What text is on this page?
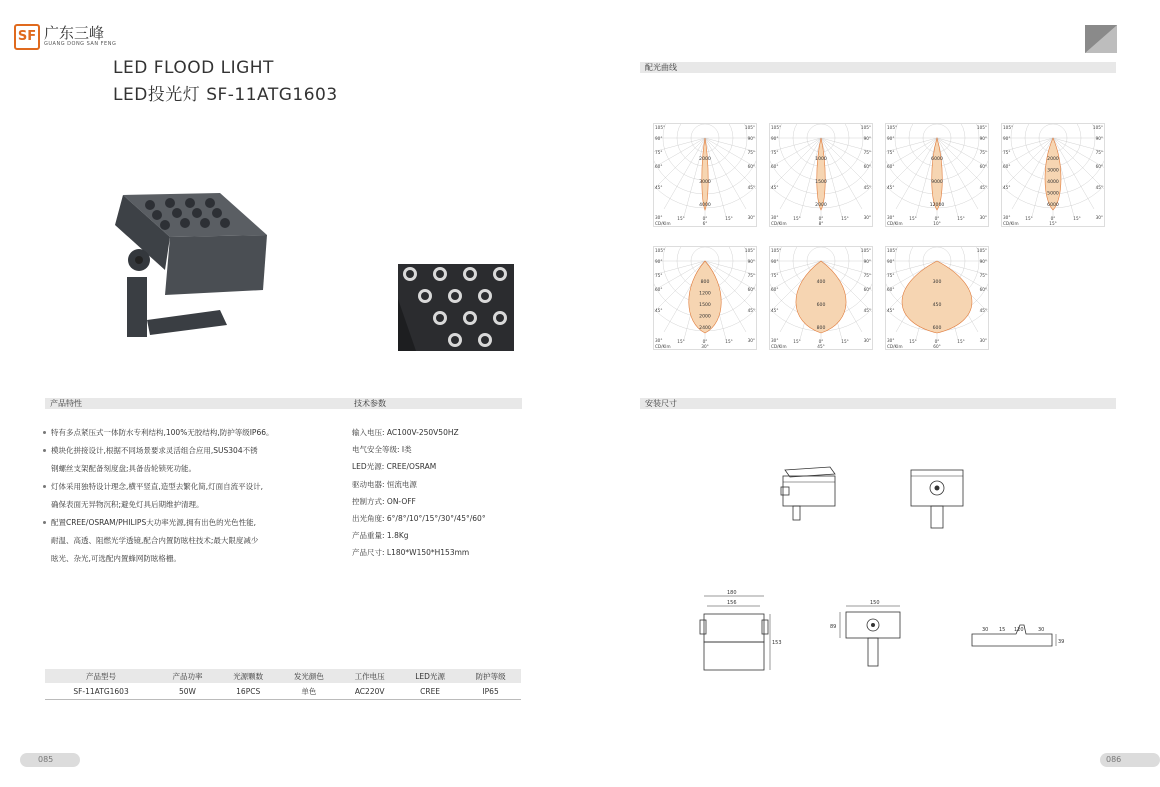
SF 广东三峰
GUANG DONG SAN FENG
LED FLOOD LIGHT
LED投光灯 SF-11ATG1603
配光曲线
产品特性	技术参数	安装尺寸

特有多点紧压式一体防水专利结构,100%无胶结构,防护等级IP66。

模块化拼接设计,根据不同场景要求灵活组合应用,SUS304不锈

钢螺丝支架配备刻度盘;具备齿轮锁死功能。

灯体采用独特设计理念,横平竖直,造型去繁化简,灯面自流平设计,

确保表面无异物沉积;避免灯具后期维护清理。

配置CREE/OSRAM/PHILIPS大功率光源,拥有出色的光色性能,

耐温、高透、阻燃光学透镜,配合内置防眩柱技术;最大限度减少

眩光、杂光,可选配内置蜂网防眩格栅。

输入电压: AC100V-250V50HZ

电气安全等级: Ⅰ类

LED光源: CREE/OSRAM

驱动电器: 恒流电源

控制方式: ON-OFF

出光角度: 6°/8°/10°/15°/30°/45°/60°

产品重量: 1.8Kg

产品尺寸: L180*W150*H153mm

产品型号	产品功率	光源颗数	发光颜色	工作电压	LED光源	防护等级
SF-11ATG1603	50W	16PCS	单色	AC220V	CREE	IP65
2000
3000
4000
105°	105°
90°	90°
75°	75°
60°	60°
45°	45°
30°	30°
15°	0°	15°
CD/Klm	6°
1000
1500
2000
105°	105°
90°	90°
75°	75°
60°	60°
45°	45°
30°	30°
15°	0°	15°
CD/Klm	8°
6000
9000
12000
105°	105°
90°	90°
75°	75°
60°	60°
45°	45°
30°	30°
15°	0°	15°
CD/Klm	10°
2000
3000
4000
5000
6000
105°	105°
90°	90°
75°	75°
60°	60°
45°	45°
30°	30°
15°	0°	15°
CD/Klm	15°
800
1200
1500
2000
2400
105°	105°
90°	90°
75°	75°
60°	60°
45°	45°
30°	30°
15°	0°	15°
CD/Klm	30°
400
600
800
105°	105°
90°	90°
75°	75°
60°	60°
45°	45°
30°	30°
15°	0°	15°
CD/Klm	45°
300
450
600
105°	105°
90°	90°
75°	75°
60°	60°
45°	45°
30°	30°
15°	0°	15°
CD/Klm	60°
180
156
153
150
89	30 15 120	30
39
085	086
